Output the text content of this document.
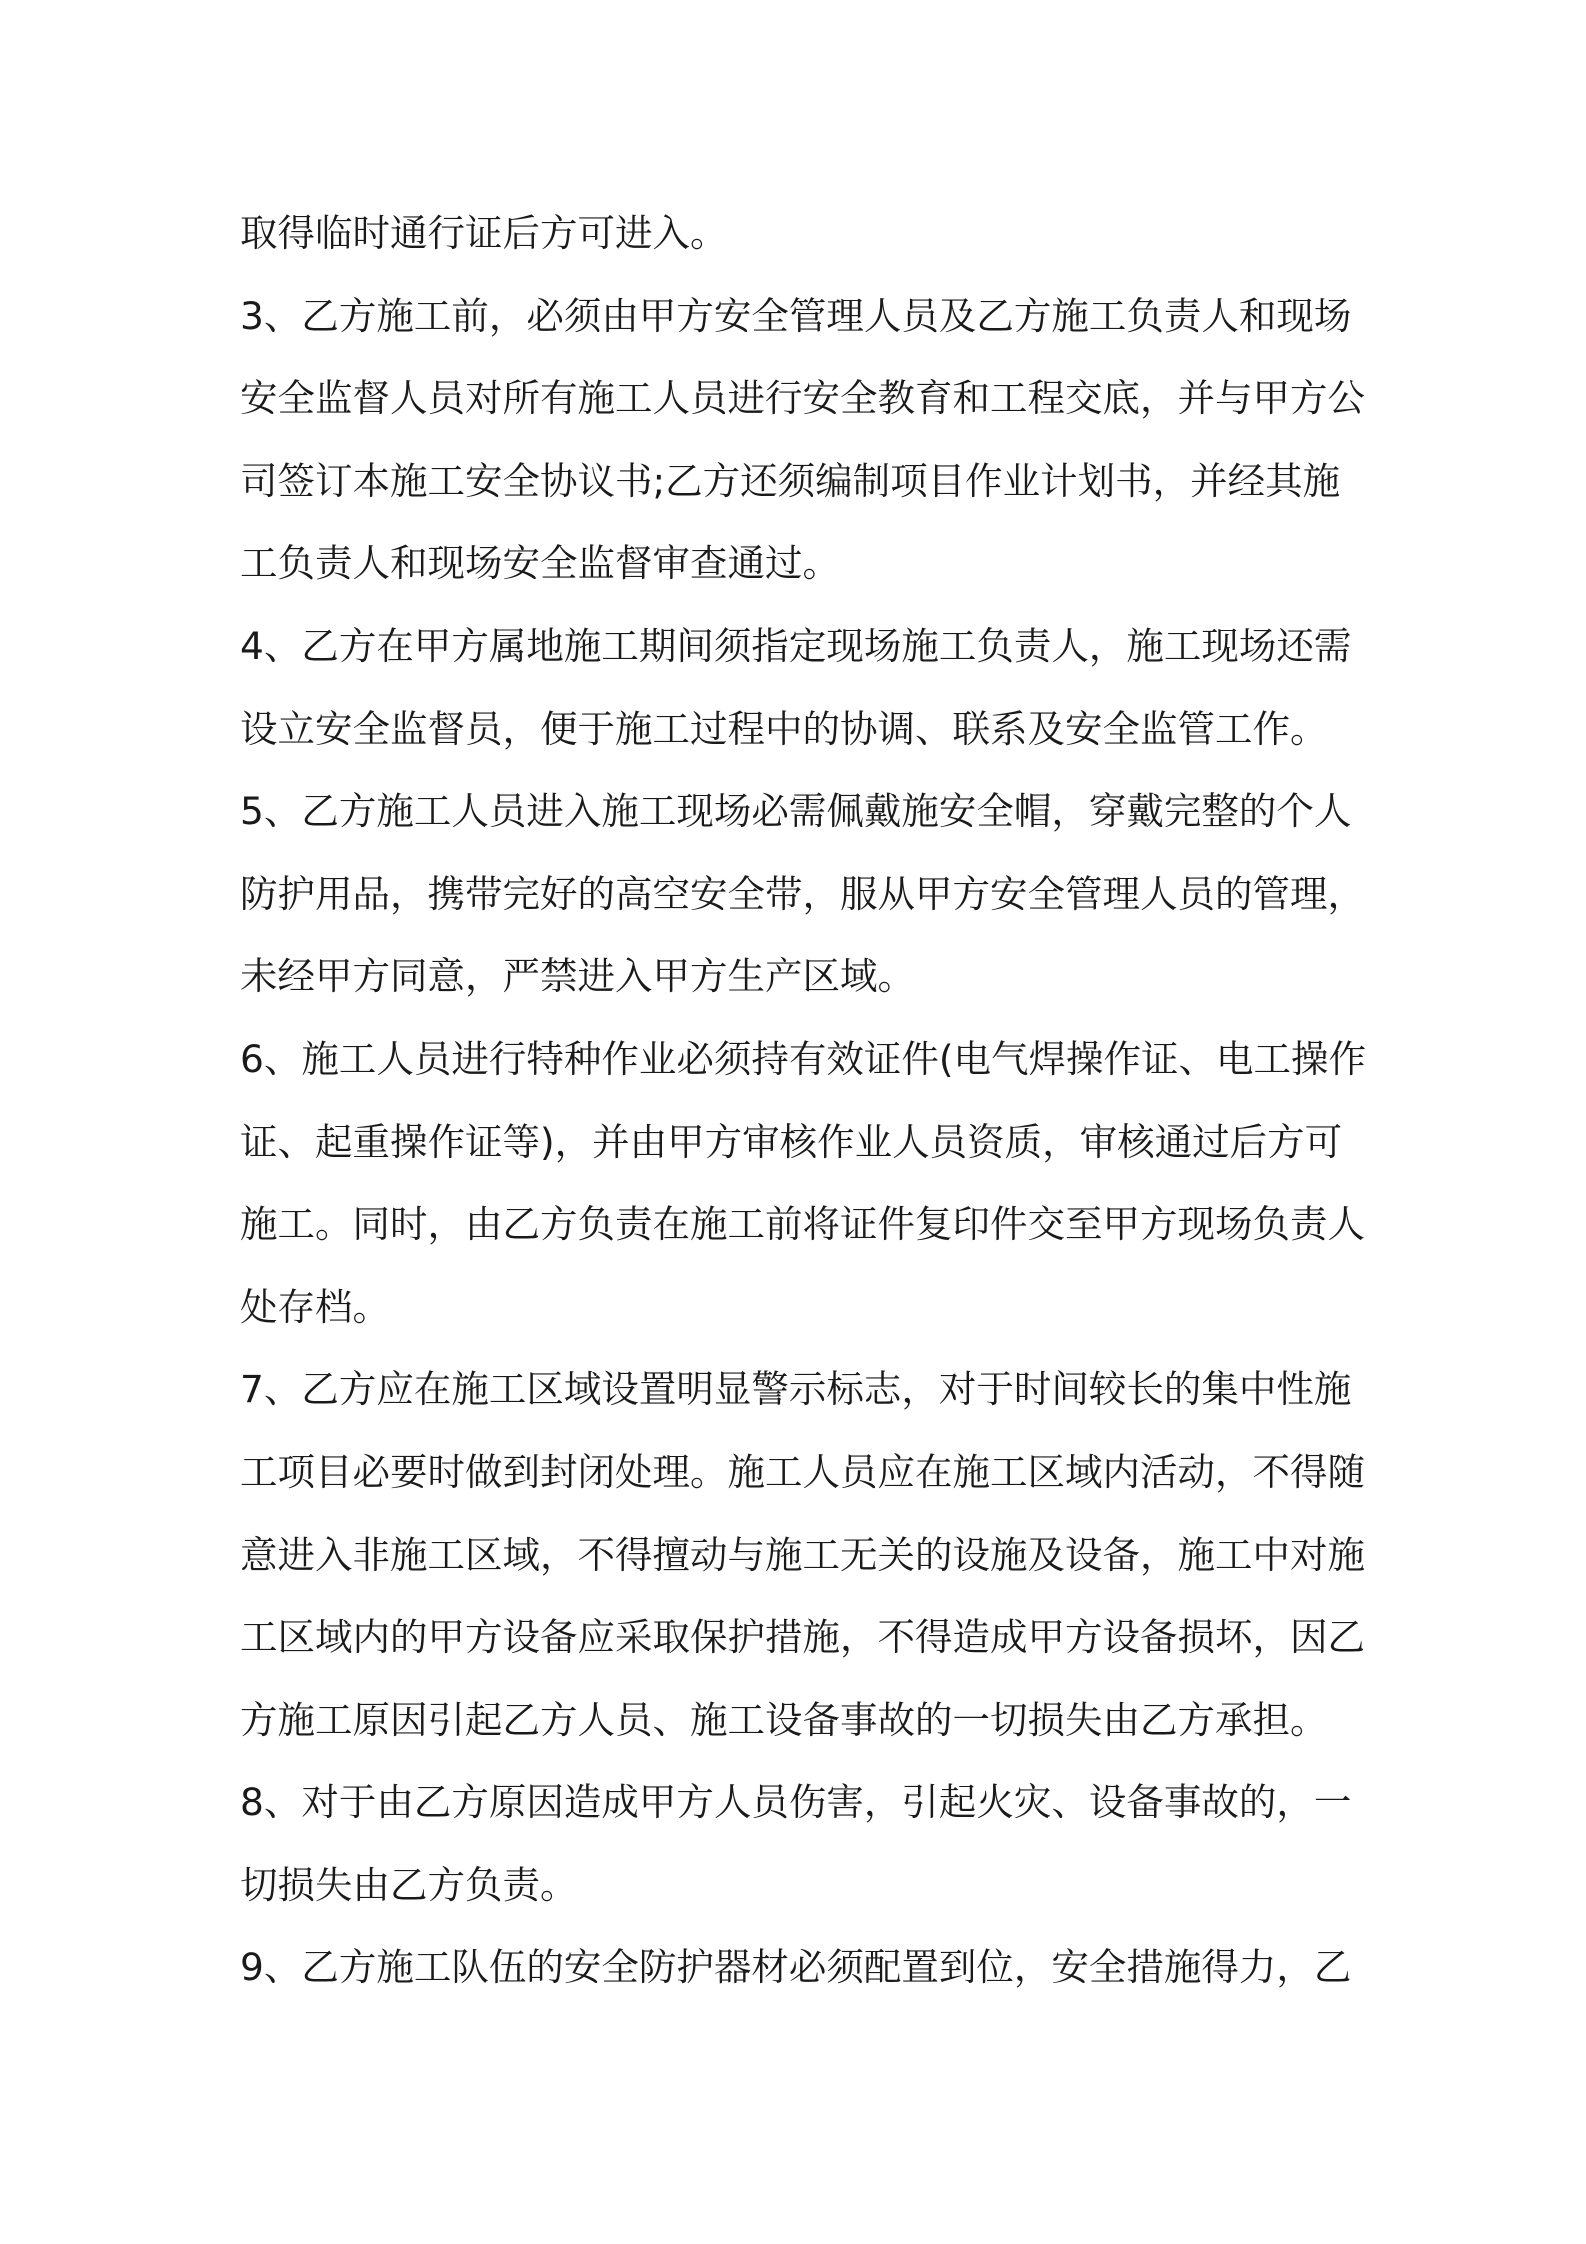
取得临时通行证后方可进入。
3、乙方施工前，必须由甲方安全管理人员及乙方施工负责人和现场
安全监督人员对所有施工人员进行安全教育和工程交底，并与甲方公
司签订本施工安全协议书;乙方还须编制项目作业计划书，并经其施
工负责人和现场安全监督审查通过。
4、乙方在甲方属地施工期间须指定现场施工负责人，施工现场还需
设立安全监督员，便于施工过程中的协调、联系及安全监管工作。
5、乙方施工人员进入施工现场必需佩戴施安全帽，穿戴完整的个人
防护用品，携带完好的高空安全带，服从甲方安全管理人员的管理，
未经甲方同意，严禁进入甲方生产区域。
6、施工人员进行特种作业必须持有效证件(电气焊操作证、电工操作
证、起重操作证等)，并由甲方审核作业人员资质，审核通过后方可
施工。同时，由乙方负责在施工前将证件复印件交至甲方现场负责人
处存档。
7、乙方应在施工区域设置明显警示标志，对于时间较长的集中性施
工项目必要时做到封闭处理。施工人员应在施工区域内活动，不得随
意进入非施工区域，不得擅动与施工无关的设施及设备，施工中对施
工区域内的甲方设备应采取保护措施，不得造成甲方设备损坏，因乙
方施工原因引起乙方人员、施工设备事故的一切损失由乙方承担。
8、对于由乙方原因造成甲方人员伤害，引起火灾、设备事故的，一
切损失由乙方负责。
9、乙方施工队伍的安全防护器材必须配置到位，安全措施得力，乙
